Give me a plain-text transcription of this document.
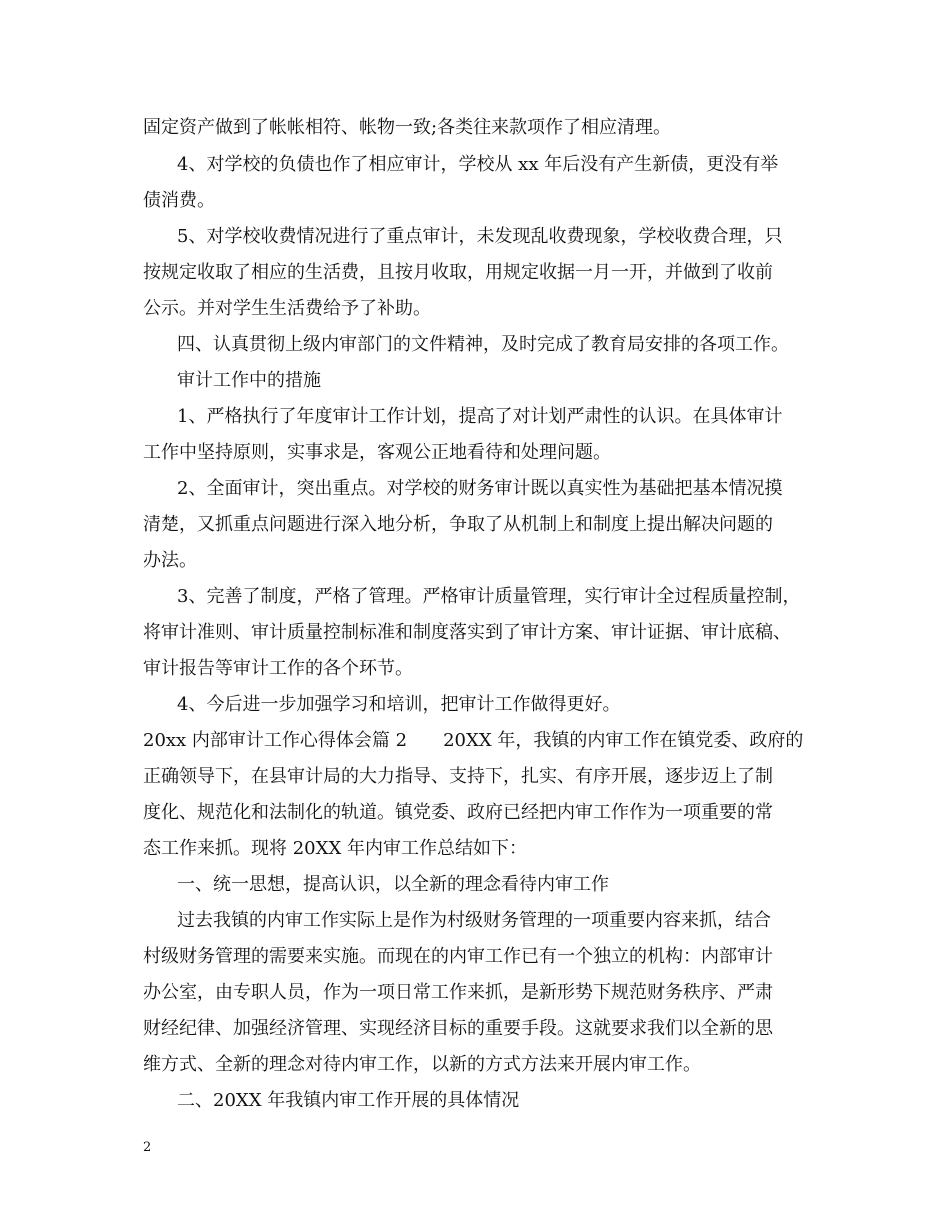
固定资产做到了帐帐相符、帐物一致;各类往来款项作了相应清理。
4、对学校的负债也作了相应审计，学校从 xx 年后没有产生新债，更没有举
债消费。
5、对学校收费情况进行了重点审计，未发现乱收费现象，学校收费合理，只
按规定收取了相应的生活费，且按月收取，用规定收据一月一开，并做到了收前
公示。并对学生生活费给予了补助。
四、认真贯彻上级内审部门的文件精神，及时完成了教育局安排的各项工作。
审计工作中的措施
1、严格执行了年度审计工作计划，提高了对计划严肃性的认识。在具体审计
工作中坚持原则，实事求是，客观公正地看待和处理问题。
2、全面审计，突出重点。对学校的财务审计既以真实性为基础把基本情况摸
清楚，又抓重点问题进行深入地分析，争取了从机制上和制度上提出解决问题的
办法。
3、完善了制度，严格了管理。严格审计质量管理，实行审计全过程质量控制，
将审计准则、审计质量控制标准和制度落实到了审计方案、审计证据、审计底稿、
审计报告等审计工作的各个环节。
4、今后进一步加强学习和培训，把审计工作做得更好。
20xx 内部审计工作心得体会篇 2　　20XX 年，我镇的内审工作在镇党委、政府的
正确领导下，在县审计局的大力指导、支持下，扎实、有序开展，逐步迈上了制
度化、规范化和法制化的轨道。镇党委、政府已经把内审工作作为一项重要的常
态工作来抓。现将 20XX 年内审工作总结如下：
一、统一思想，提高认识，以全新的理念看待内审工作
过去我镇的内审工作实际上是作为村级财务管理的一项重要内容来抓，结合
村级财务管理的需要来实施。而现在的内审工作已有一个独立的机构：内部审计
办公室，由专职人员，作为一项日常工作来抓，是新形势下规范财务秩序、严肃
财经纪律、加强经济管理、实现经济目标的重要手段。这就要求我们以全新的思
维方式、全新的理念对待内审工作，以新的方式方法来开展内审工作。
二、20XX 年我镇内审工作开展的具体情况
2
